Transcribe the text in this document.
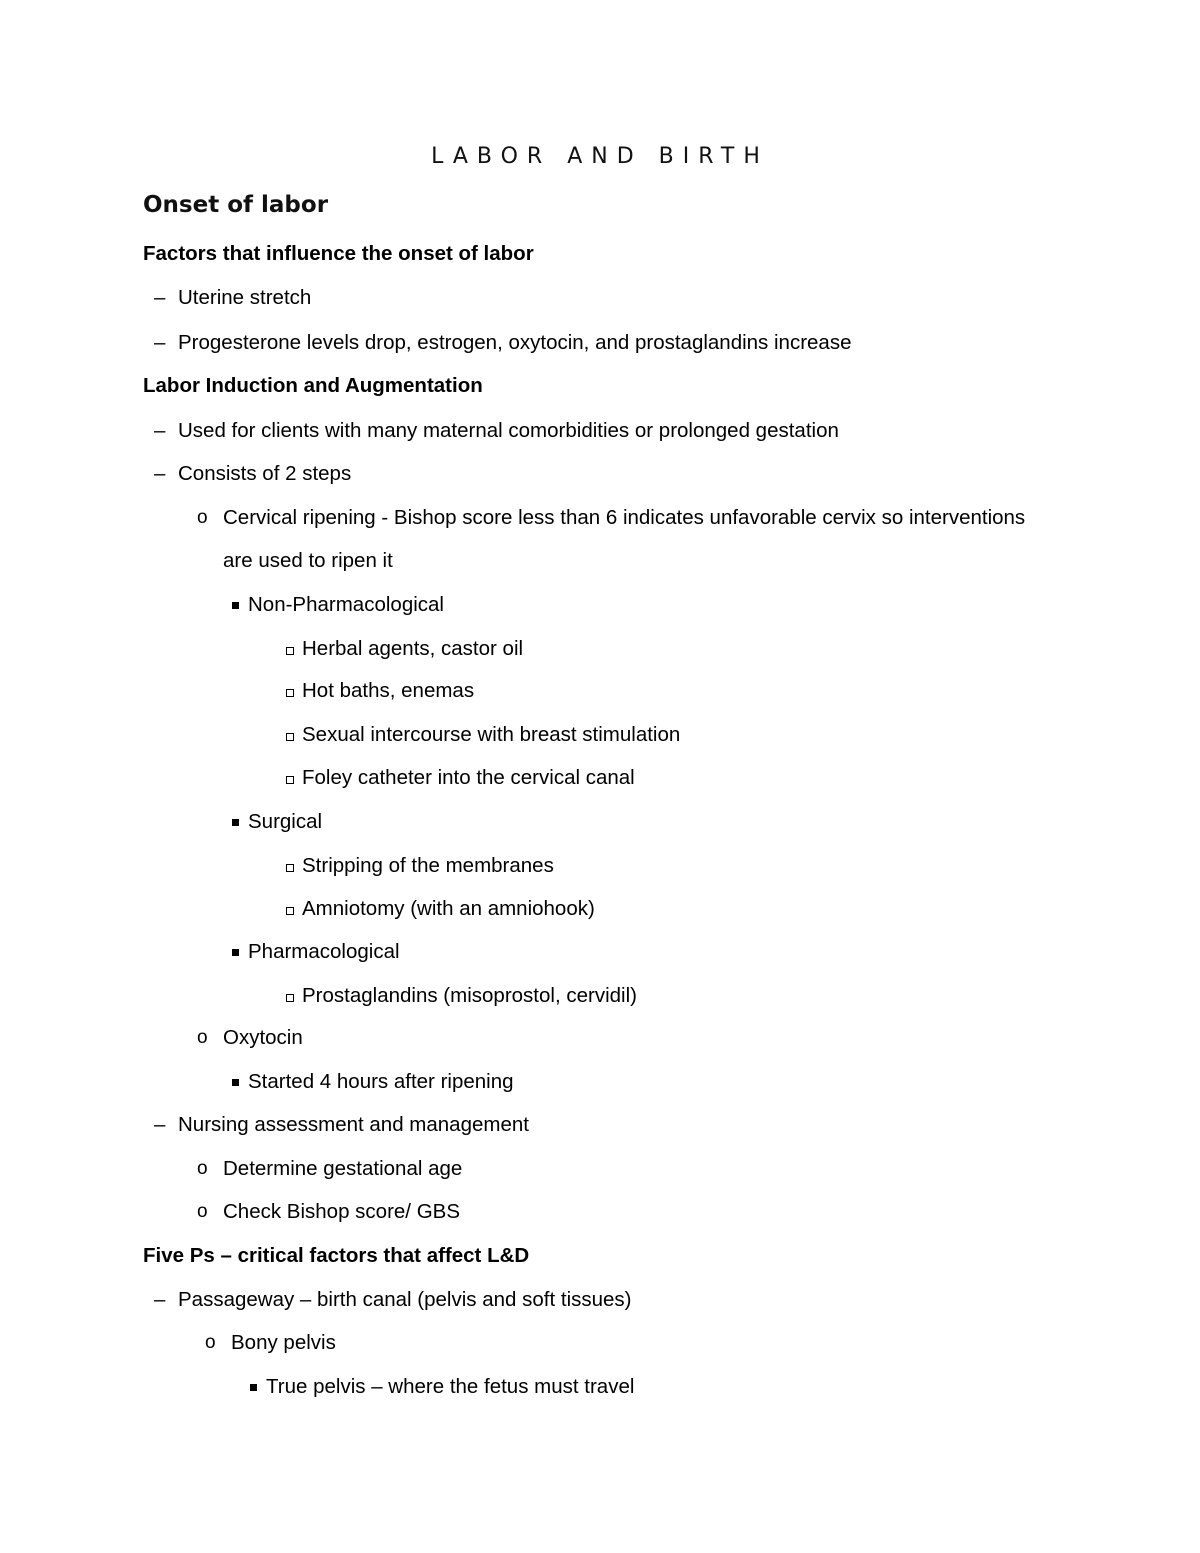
LABOR AND BIRTH
Onset of labor
Factors that influence the onset of labor
– Uterine stretch
– Progesterone levels drop, estrogen, oxytocin, and prostaglandins increase
Labor Induction and Augmentation
– Used for clients with many maternal comorbidities or prolonged gestation
– Consists of 2 steps
o Cervical ripening - Bishop score less than 6 indicates unfavorable cervix so interventions
are used to ripen it
Non-Pharmacological
Herbal agents, castor oil
Hot baths, enemas
Sexual intercourse with breast stimulation
Foley catheter into the cervical canal
Surgical
Stripping of the membranes
Amniotomy (with an amniohook)
Pharmacological
Prostaglandins (misoprostol, cervidil)
o Oxytocin
Started 4 hours after ripening
– Nursing assessment and management
o Determine gestational age
o Check Bishop score/ GBS
Five Ps – critical factors that affect L&D
– Passageway – birth canal (pelvis and soft tissues)
o Bony pelvis
True pelvis – where the fetus must travel
